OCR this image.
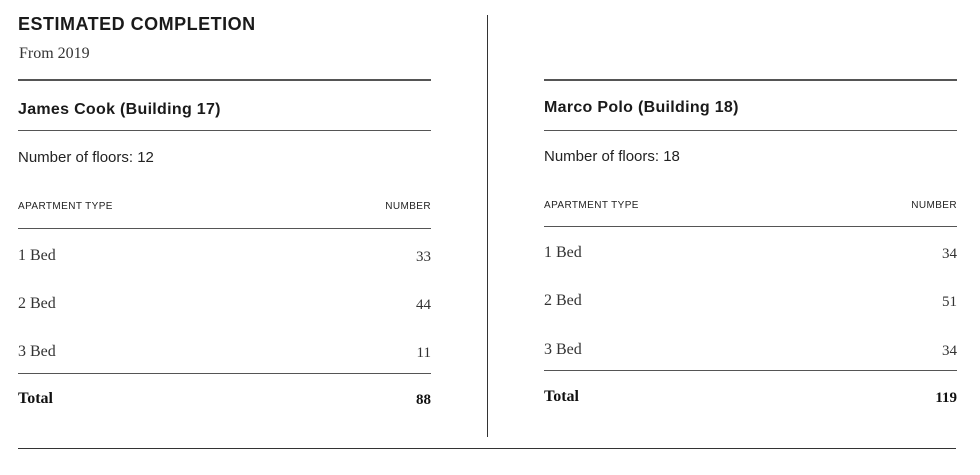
ESTIMATED COMPLETION
From 2019
James Cook (Building 17)
Number of floors: 12
APARTMENT TYPE	NUMBER
1 Bed	33
2 Bed	44
3 Bed	11
Total	88
Marco Polo (Building 18)
Number of floors: 18
APARTMENT TYPE	NUMBER
1 Bed	34
2 Bed	51
3 Bed	34
Total	119
